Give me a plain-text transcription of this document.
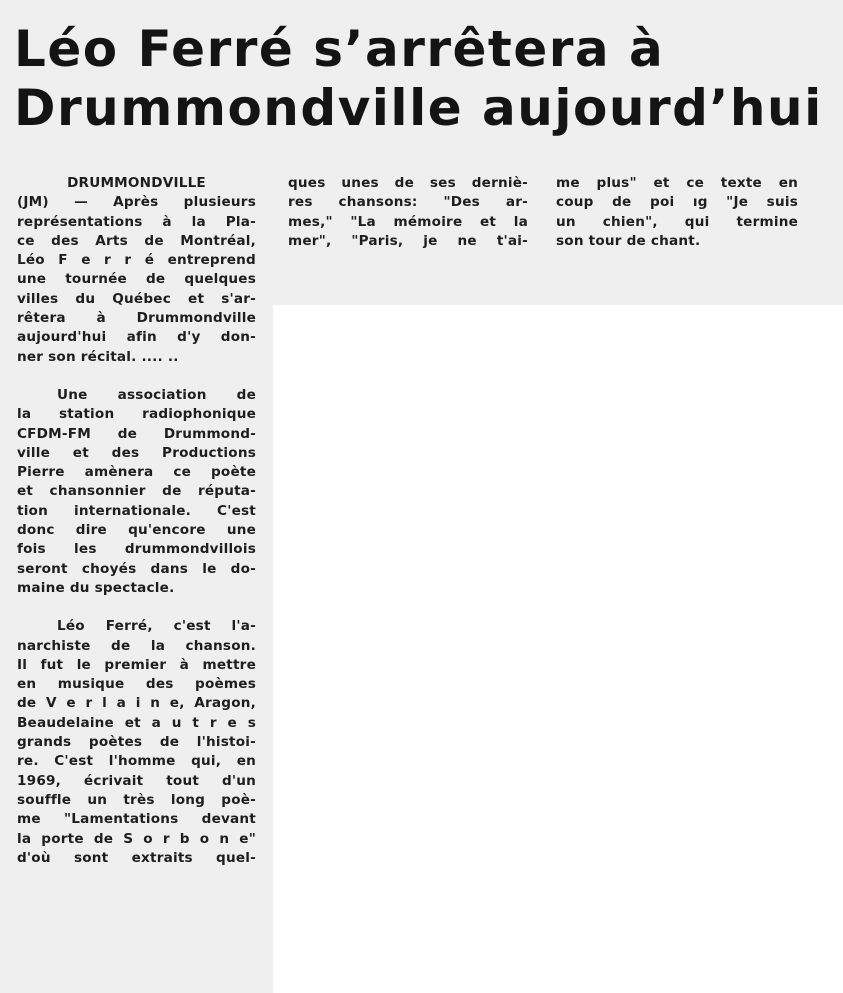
Léo Ferré s’arrêtera à
Drummondville aujourd’hui
DRUMMONDVILLE
(JM) — Après plusieurs
représentations à la Pla-
ce des Arts de Montréal,
Léo F e r r é entreprend
une tournée de quelques
villes du Québec et s'ar-
rêtera à Drummondville
aujourd'hui afin d'y don-
ner son récital. .... ..
Une association de
la station radiophonique
CFDM-FM de Drummond-
ville et des Productions
Pierre amènera ce poète
et chansonnier de réputa-
tion internationale. C'est
donc dire qu'encore une
fois les drummondvillois
seront choyés dans le do-
maine du spectacle.
Léo Ferré, c'est l'a-
narchiste de la chanson.
Il fut le premier à mettre
en musique des poèmes
de V e r l a i n e, Aragon,
Beaudelaine et a u t r e s
grands poètes de l'histoi-
re. C'est l'homme qui, en
1969, écrivait tout d'un
souffle un très long poè-
me "Lamentations devant
la porte de S o r b o n e"
d'où sont extraits quel-
ques unes de ses derniè-
res chansons: "Des ar-
mes," "La mémoire et la
mer", "Paris, je ne t'ai-
me plus" et ce texte en
coup de poi ıg "Je suis
un chien", qui termine
son tour de chant.
